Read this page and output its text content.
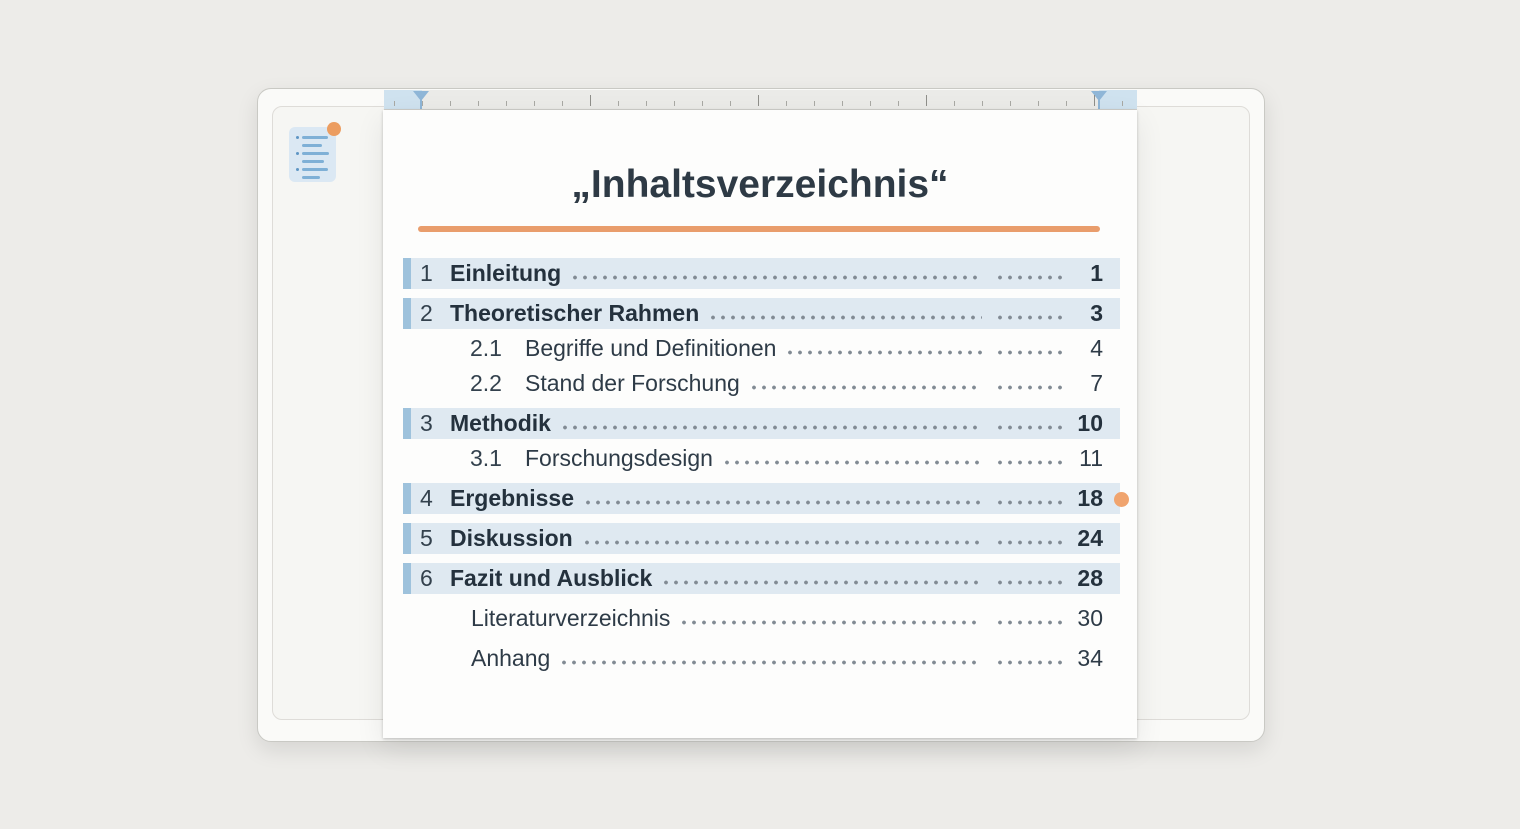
„Inhaltsverzeichnis“
1 Einleitung	1
2 Theoretischer Rahmen	3
2.1	Begriffe und Definitionen	4
2.2	Stand der Forschung	7
3 Methodik	10
3.1	Forschungsdesign	11
4 Ergebnisse	18
5 Diskussion	24
6 Fazit und Ausblick	28
Literaturverzeichnis	30
Anhang	34
